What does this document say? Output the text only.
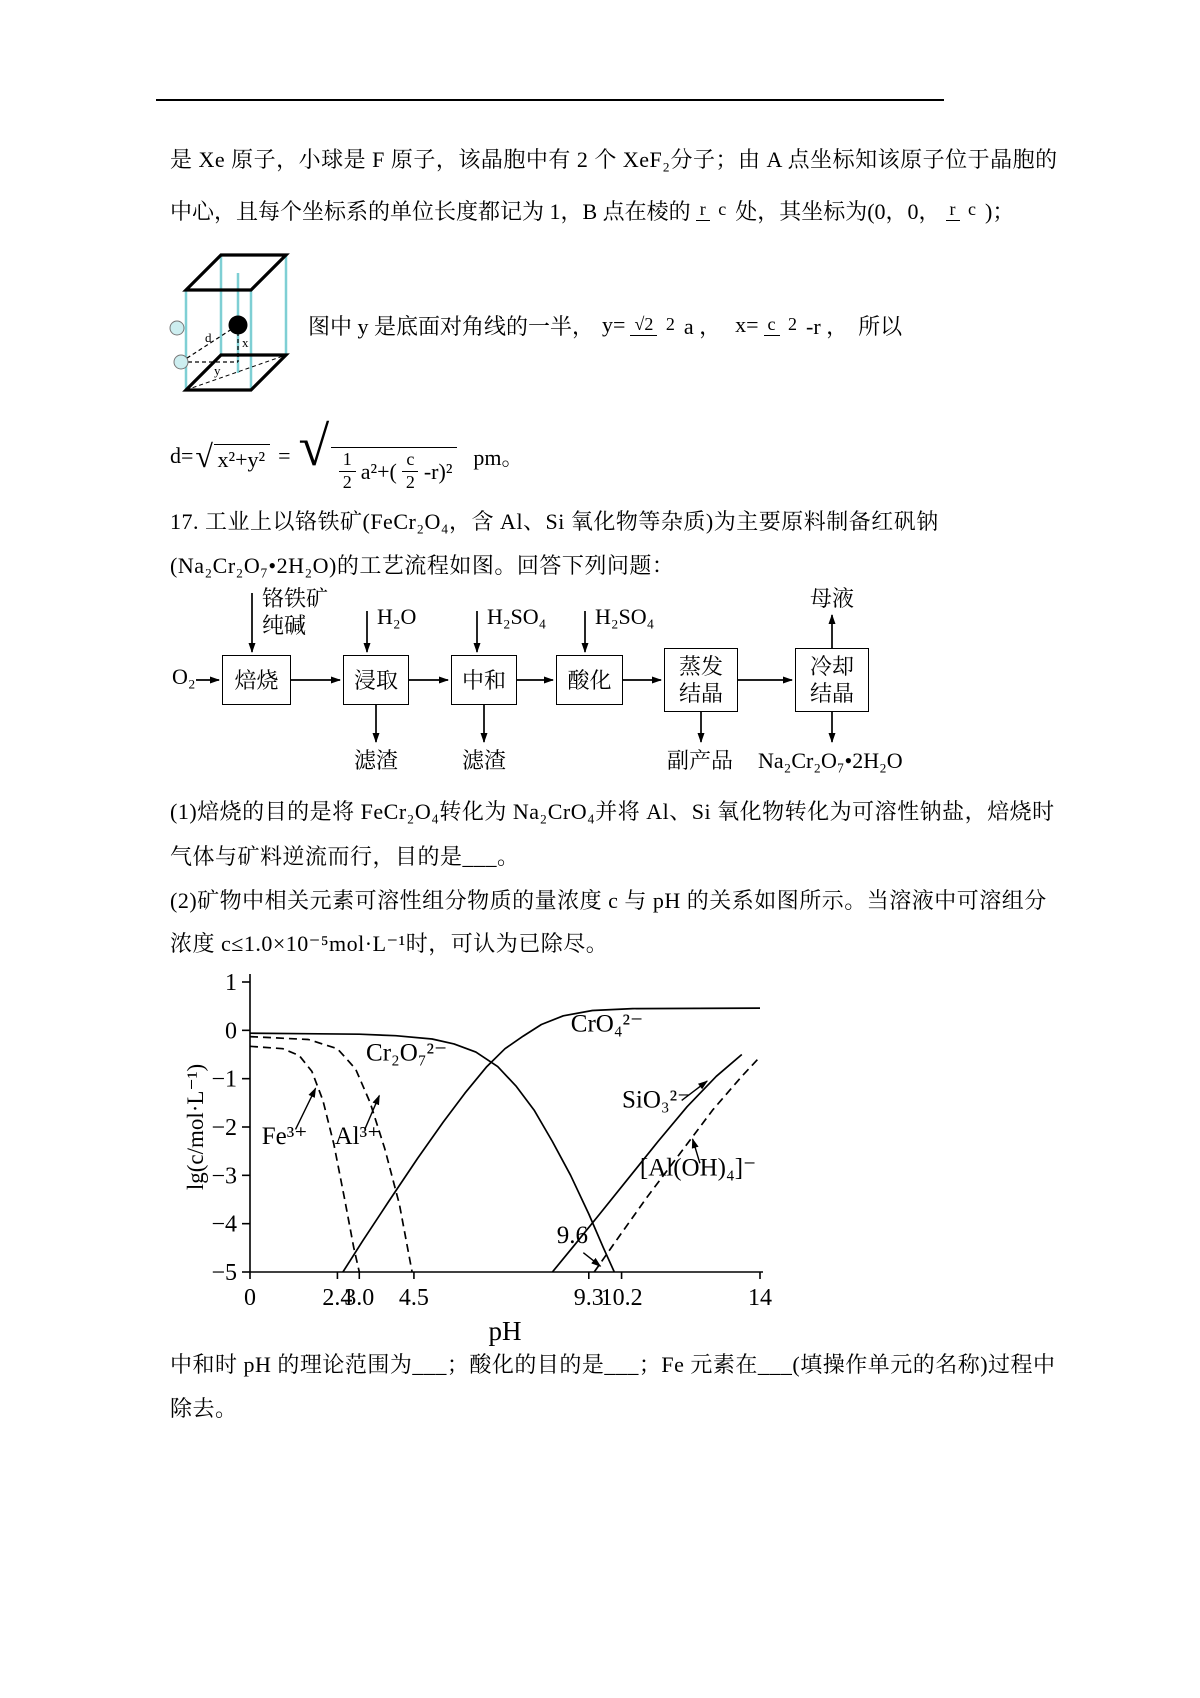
是 Xe 原子，小球是 F 原子，该晶胞中有 2 个 XeF₂分子；由 A 点坐标知该原子位于晶胞的
中心，且每个坐标系的单位长度都记为 1，B 点在棱的 r c 处，其坐标为(0，0， r c )；
d x
y
图中 y 是底面对角线的一半， y= √2 2 a ， x= c 2 -r ， 所以
d= √ x²+y² = √ $\frac{1}{2} a^2+( \frac{c}{2} -r)^2$
pm。
17. 工业上以铬铁矿(FeCr₂O₄，含 Al、Si 氧化物等杂质)为主要原料制备红矾钠
(Na₂Cr₂O₇•2H₂O)的工艺流程如图。回答下列问题：
O₂
铬铁矿
纯碱	H₂O	H₂SO₄ H₂SO₄
母液
焙烧	浸取	中和	酸化
蒸发
结晶
冷却
结晶
滤渣	滤渣	副产品 Na₂Cr₂O₇•2H₂O
(1)焙烧的目的是将 FeCr₂O₄转化为 Na₂CrO₄并将 Al、Si 氧化物转化为可溶性钠盐，焙烧时
气体与矿料逆流而行，目的是___。
(2)矿物中相关元素可溶性组分物质的量浓度 c 与 pH 的关系如图所示。当溶液中可溶组分
浓度 c≤1.0×10⁻⁵mol·L⁻¹时，可认为已除尽。
1
0
−1
−2
−3
−4
−5
0	2.4
3.0 4.5	9.3
10.2	14
pH
lg(c/mol·L⁻¹)
Cr₂O₇²⁻
CrO₄²⁻
Fe³⁺ Al³⁺
SiO₃²⁻
[Al(OH)₄]⁻
9.6
中和时 pH 的理论范围为___；酸化的目的是___；Fe 元素在___(填操作单元的名称)过程中
除去。
